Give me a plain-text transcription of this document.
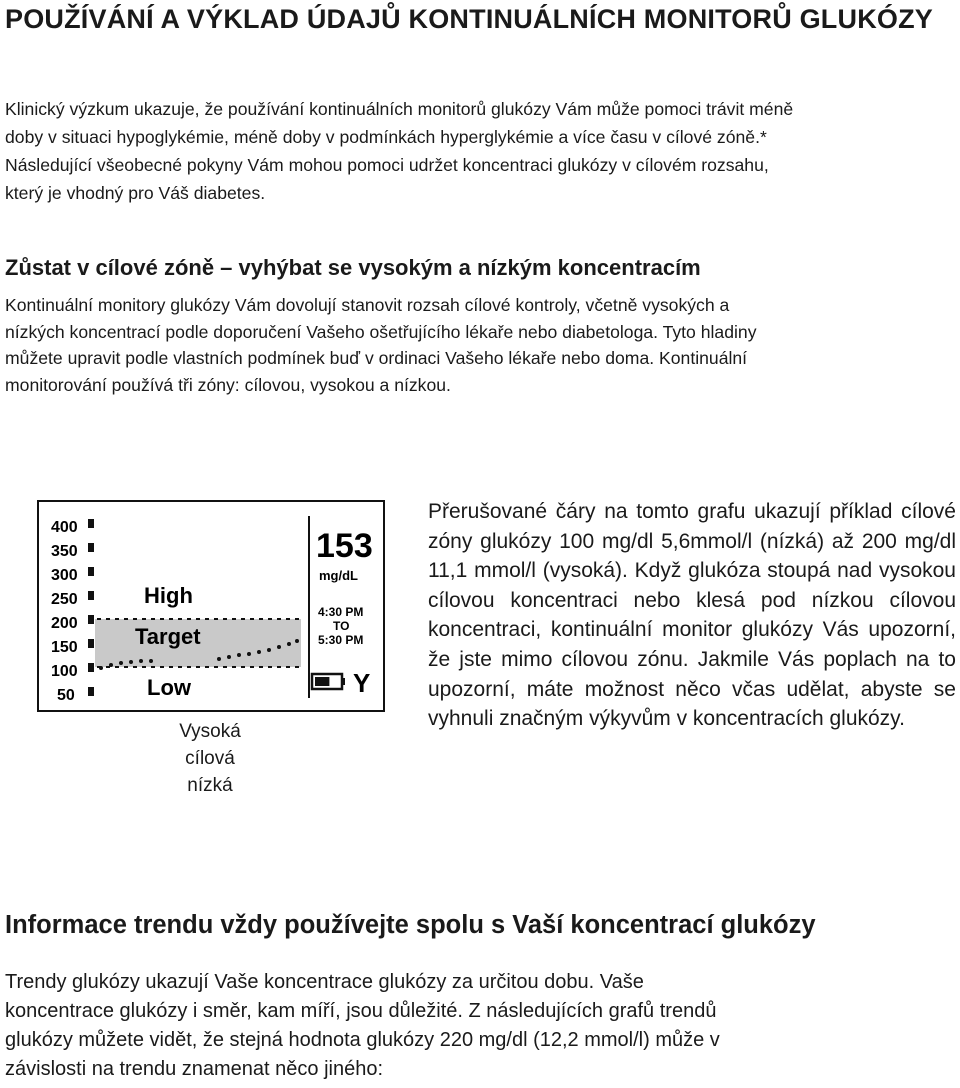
POUŽÍVÁNÍ A VÝKLAD ÚDAJŮ KONTINUÁLNÍCH MONITORŮ GLUKÓZY

Klinický výzkum ukazuje, že používání kontinuálních monitorů glukózy Vám může pomoci trávit méně
doby v situaci hypoglykémie, méně doby v podmínkách hyperglykémie a více času v cílové zóně.*
Následující všeobecné pokyny Vám mohou pomoci udržet koncentraci glukózy v cílovém rozsahu,
který je vhodný pro Váš diabetes.

Zůstat v cílové zóně – vyhýbat se vysokým a nízkým koncentracím

Kontinuální monitory glukózy Vám dovolují stanovit rozsah cílové kontroly, včetně vysokých a
nízkých koncentrací podle doporučení Vašeho ošetřujícího lékaře nebo diabetologa. Tyto hladiny
můžete upravit podle vlastních podmínek buď v ordinaci Vašeho lékaře nebo doma. Kontinuální
monitorování používá tři zóny: cílovou, vysokou a nízkou.

400
350
300
250
200
150
100
50
High
Target
Low
153
mg/dL
4:30 PM
TO
5:30 PM
Y
Vysoká
cílová
nízká

Přerušované čáry na tomto grafu ukazují příklad cílové zóny glukózy 100 mg/dl 5,6mmol/l (nízká) až 200 mg/dl 11,1 mmol/l (vysoká). Když glukóza stoupá nad vysokou cílovou koncentraci nebo klesá pod nízkou cílovou koncentraci, kontinuální monitor glukózy Vás upozorní, že jste mimo cílovou zónu. Jakmile Vás poplach na to upozorní, máte možnost něco včas udělat, abyste se vyhnuli značným výkyvům v koncentracích glukózy.

Informace trendu vždy používejte spolu s Vaší koncentrací glukózy

Trendy glukózy ukazují Vaše koncentrace glukózy za určitou dobu. Vaše
koncentrace glukózy i směr, kam míří, jsou důležité. Z následujících grafů trendů
glukózy můžete vidět, že stejná hodnota glukózy 220 mg/dl (12,2 mmol/l) může v
závislosti na trendu znamenat něco jiného:
